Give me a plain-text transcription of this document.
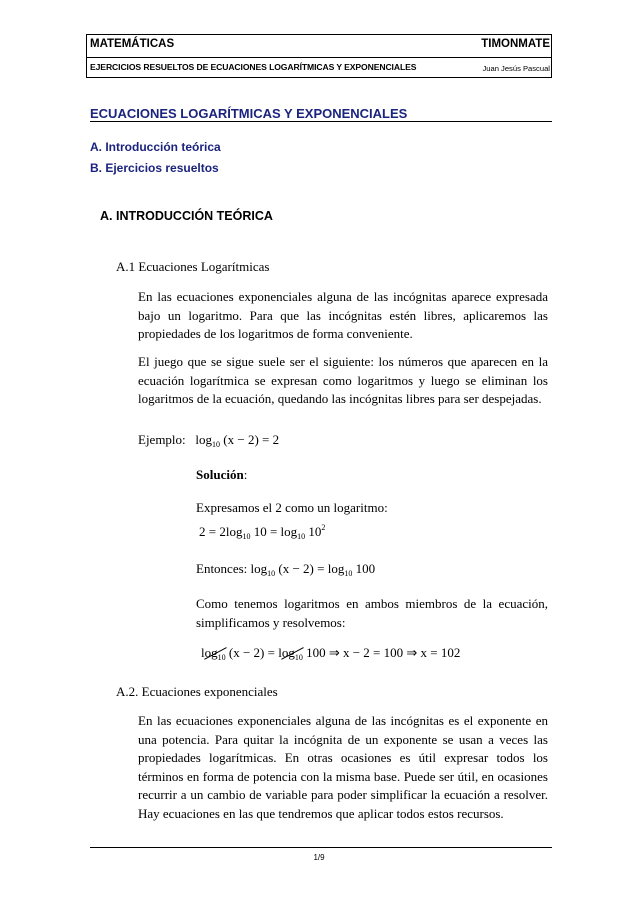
MATEMÁTICAS	TIMONMATE
EJERCICIOS RESUELTOS DE ECUACIONES LOGARÍTMICAS Y EXPONENCIALES	Juan Jesús Pascual
ECUACIONES LOGARÍTMICAS Y EXPONENCIALES
A. Introducción teórica
B. Ejercicios resueltos
A. INTRODUCCIÓN TEÓRICA
A.1 Ecuaciones Logarítmicas
En las ecuaciones exponenciales alguna de las incógnitas aparece expresada bajo un logaritmo. Para que las incógnitas estén libres, aplicaremos las propiedades de los logaritmos de forma conveniente.
El juego que se sigue suele ser el siguiente: los números que aparecen en la ecuación logarítmica se expresan como logaritmos y luego se eliminan los logaritmos de la ecuación, quedando las incógnitas libres para ser despejadas.
Ejemplo: $\log_{10} (x - 2) = 2$
Solución:
Expresamos el 2 como un logaritmo:
$2 = 2\log_{10}$ $10 = \log_{10} 10^2$
Entonces: $\log_{10} (x - 2) = \log_{10} 100$
Como tenemos logaritmos en ambos miembros de la ecuación, simplificamos y resolvemos:
$\log_{10} (x - 2) = \log_{10} 100$ ⇒ x − 2 = 100 ⇒ x = 102
A.2. Ecuaciones exponenciales
En las ecuaciones exponenciales alguna de las incógnitas es el exponente en una potencia. Para quitar la incógnita de un exponente se usan a veces las propiedades logarítmicas. En otras ocasiones es útil expresar todos los términos en forma de potencia con la misma base. Puede ser útil, en ocasiones recurrir a un cambio de variable para poder simplificar la ecuación a resolver. Hay ecuaciones en las que tendremos que aplicar todos estos recursos.
1/9
